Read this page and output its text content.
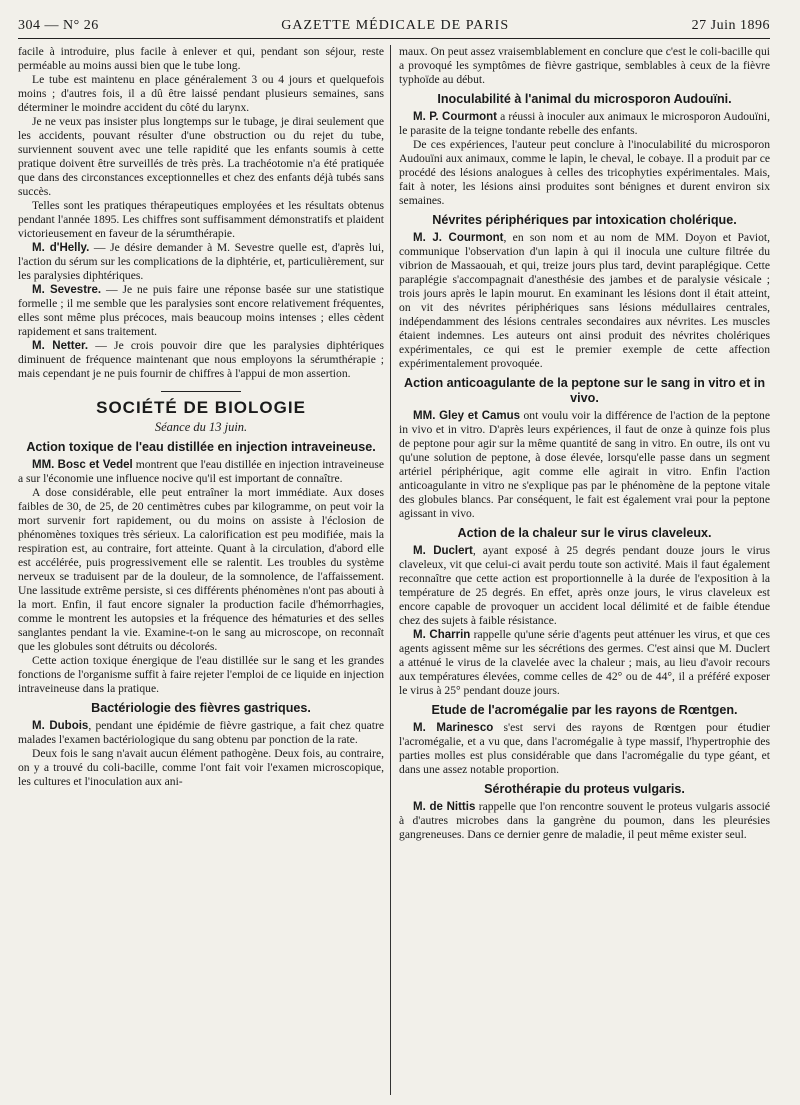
304 — N° 26	GAZETTE MÉDICALE DE PARIS	27 Juin 1896

facile à introduire, plus facile à enlever et qui, pendant son séjour, reste perméable au moins aussi bien que le tube long.

Le tube est maintenu en place généralement 3 ou 4 jours et quelquefois moins ; d'autres fois, il a dû être laissé pendant plusieurs semaines, sans déterminer le moindre accident du côté du larynx.

Je ne veux pas insister plus longtemps sur le tubage, je dirai seulement que les accidents, pouvant résulter d'une obstruction ou du rejet du tube, surviennent souvent avec une telle rapidité que les enfants soumis à cette pratique doivent être surveillés de très près. La trachéotomie n'a été pratiquée que dans des circonstances exceptionnelles et chez des enfants déjà tubés sans succès.

Telles sont les pratiques thérapeutiques employées et les résultats obtenus pendant l'année 1895. Les chiffres sont suffisamment démonstratifs et plaident victorieusement en faveur de la sérumthérapie.

M. d'Helly. — Je désire demander à M. Sevestre quelle est, d'après lui, l'action du sérum sur les complications de la diphtérie, et, particulièrement, sur les paralysies diphtériques.

M. Sevestre. — Je ne puis faire une réponse basée sur une statistique formelle ; il me semble que les paralysies sont encore relativement fréquentes, elles sont même plus précoces, mais beaucoup moins intenses ; elles cèdent rapidement et sans traitement.

M. Netter. — Je crois pouvoir dire que les paralysies diphtériques diminuent de fréquence maintenant que nous employons la sérumthérapie ; mais cependant je ne puis fournir de chiffres à l'appui de mon assertion.

SOCIÉTÉ DE BIOLOGIE
Séance du 13 juin.
Action toxique de l'eau distillée en injection intraveineuse.

MM. Bosc et Vedel montrent que l'eau distillée en injection intraveineuse a sur l'économie une influence nocive qu'il est important de connaître.

A dose considérable, elle peut entraîner la mort immédiate. Aux doses faibles de 30, de 25, de 20 centimètres cubes par kilogramme, on peut voir la mort survenir fort rapidement, ou du moins on assiste à l'éclosion de phénomènes toxiques très sérieux. La calorification est peu modifiée, mais la respiration est, au contraire, fort atteinte. Quant à la circulation, d'abord elle est accélérée, puis progressivement elle se ralentit. Les troubles du système nerveux se traduisent par de la douleur, de la somnolence, de l'affaissement. Une lassitude extrême persiste, si ces différents phénomènes n'ont pas abouti à la mort. Enfin, il faut encore signaler la production facile d'hémorrhagies, comme le montrent les autopsies et la fréquence des hématuries et des selles sanglantes pendant la vie. Examine-t-on le sang au microscope, on reconnaît que les globules sont détruits ou décolorés.

Cette action toxique énergique de l'eau distillée sur le sang et les grandes fonctions de l'organisme suffit à faire rejeter l'emploi de ce liquide en injection intraveineuse dans la pratique.

Bactériologie des fièvres gastriques.

M. Dubois, pendant une épidémie de fièvre gastrique, a fait chez quatre malades l'examen bactériologique du sang obtenu par ponction de la rate.

Deux fois le sang n'avait aucun élément pathogène. Deux fois, au contraire, on y a trouvé du coli-bacille, comme l'ont fait voir l'examen microscopique, les cultures et l'inoculation aux ani-

maux. On peut assez vraisemblablement en conclure que c'est le coli-bacille qui a provoqué les symptômes de fièvre gastrique, semblables à ceux de la fièvre typhoïde au début.

Inoculabilité à l'animal du microsporon Audouïni.

M. P. Courmont a réussi à inoculer aux animaux le microsporon Audouïni, le parasite de la teigne tondante rebelle des enfants.

De ces expériences, l'auteur peut conclure à l'inoculabilité du microsporon Audouïni aux animaux, comme le lapin, le cheval, le cobaye. Il a produit par ce procédé des lésions analogues à celles des tricophyties expérimentales. Mais, fait à noter, les lésions ainsi produites sont bénignes et durent environ six semaines.

Névrites périphériques par intoxication cholérique.

M. J. Courmont, en son nom et au nom de MM. Doyon et Paviot, communique l'observation d'un lapin à qui il inocula une culture filtrée du vibrion de Massaouah, et qui, treize jours plus tard, devint paraplégique. Cette paraplégie s'accompagnait d'anesthésie des jambes et de paralysie vésicale ; trois jours après le lapin mourut. En examinant les lésions dont il était atteint, on vit des névrites périphériques sans lésions médullaires centrales, indépendamment des lésions centrales secondaires aux névrites. Les muscles étaient indemnes. Les auteurs ont ainsi produit des névrites cholériques expérimentales, ce qui est le premier exemple de cette affection expérimentalement provoquée.

Action anticoagulante de la peptone sur le sang in vitro et in vivo.

MM. Gley et Camus ont voulu voir la différence de l'action de la peptone in vivo et in vitro. D'après leurs expériences, il faut de onze à quinze fois plus de peptone pour agir sur la même quantité de sang in vitro. En outre, ils ont vu qu'une solution de peptone, à dose élevée, lorsqu'elle passe dans un segment artériel périphérique, agit comme elle agirait in vitro. Enfin l'action anticoagulante in vitro ne s'explique pas par le phénomène de la peptone vitale des globules blancs. Par conséquent, le fait est également vrai pour la peptone agissant in vivo.

Action de la chaleur sur le virus claveleux.

M. Duclert, ayant exposé à 25 degrés pendant douze jours le virus claveleux, vit que celui-ci avait perdu toute son activité. Mais il faut également reconnaître que cette action est proportionnelle à la durée de l'exposition à la température de 25 degrés. En effet, après onze jours, le virus claveleux est encore capable de provoquer un accident local délimité et de faible étendue chez des sujets à faible résistance.

M. Charrin rappelle qu'une série d'agents peut atténuer les virus, et que ces agents agissent même sur les sécrétions des germes. C'est ainsi que M. Duclert a atténué le virus de la clavelée avec la chaleur ; mais, au lieu d'avoir recours aux températures élevées, comme celles de 42° ou de 44°, il a préféré exposer le virus à 25° pendant douze jours.

Etude de l'acromégalie par les rayons de Rœntgen.

M. Marinesco s'est servi des rayons de Rœntgen pour étudier l'acromégalie, et a vu que, dans l'acromégalie à type massif, l'hypertrophie des parties molles est plus considérable que dans l'acromégalie du type géant, et dans une assez notable proportion.

Sérothérapie du proteus vulgaris.

M. de Nittis rappelle que l'on rencontre souvent le proteus vulgaris associé à d'autres microbes dans la gangrène du poumon, dans les pleurésies gangreneuses. Dans ce dernier genre de maladie, il peut même exister seul.
